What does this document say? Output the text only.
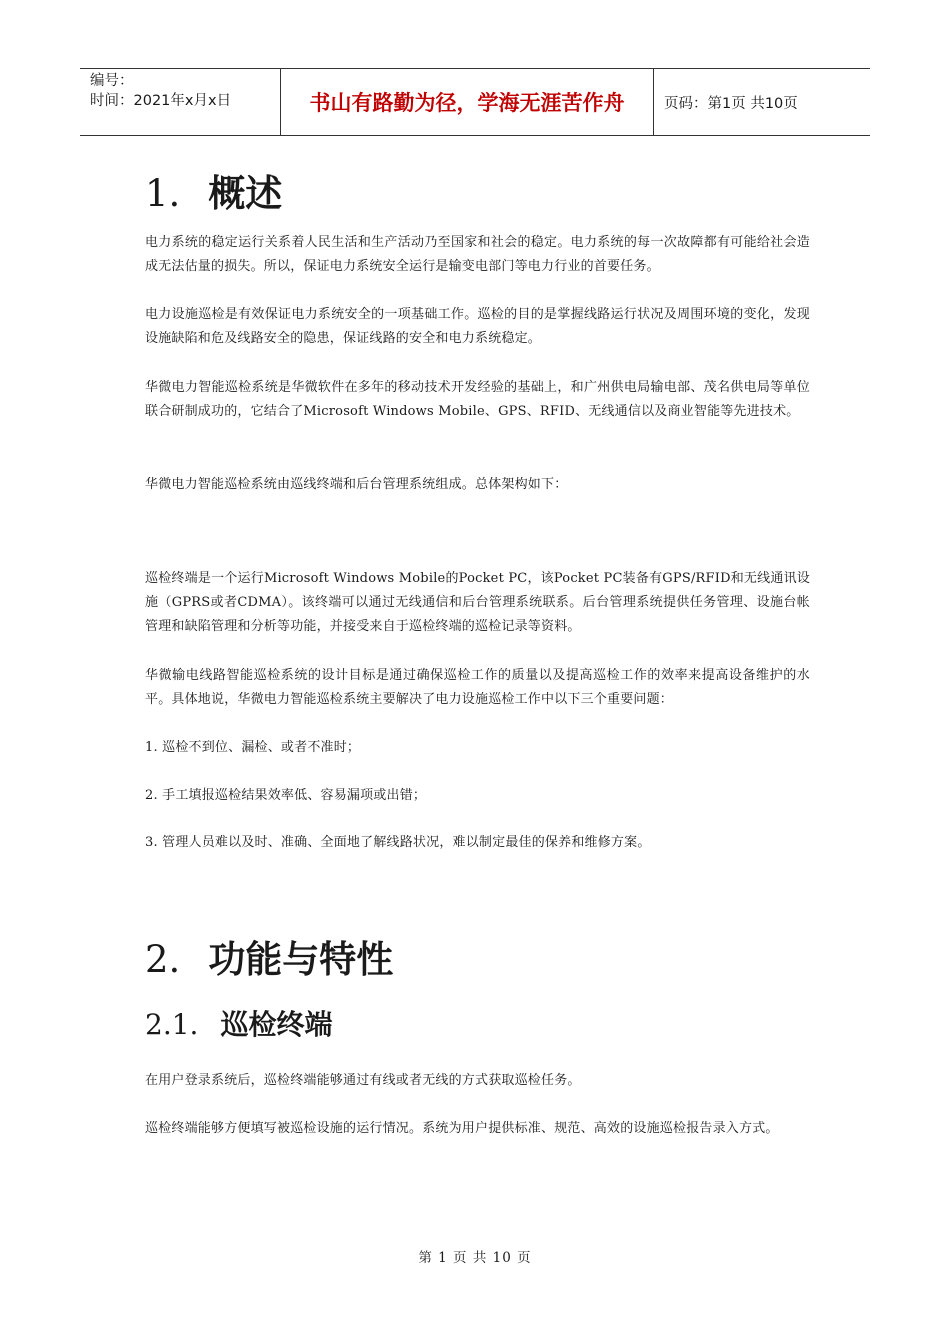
编号：
时间：2021年x月x日	书山有路勤为径，学海无涯苦作舟	页码：第1页 共10页
1. 概述
电力系统的稳定运行关系着人民生活和生产活动乃至国家和社会的稳定。电力系统的每一次故障都有可能给社会造成无法估量的损失。所以，保证电力系统安全运行是输变电部门等电力行业的首要任务。
电力设施巡检是有效保证电力系统安全的一项基础工作。巡检的目的是掌握线路运行状况及周围环境的变化，发现设施缺陷和危及线路安全的隐患，保证线路的安全和电力系统稳定。
华微电力智能巡检系统是华微软件在多年的移动技术开发经验的基础上，和广州供电局输电部、茂名供电局等单位联合研制成功的，它结合了Microsoft Windows Mobile、GPS、RFID、无线通信以及商业智能等先进技术。
华微电力智能巡检系统由巡线终端和后台管理系统组成。总体架构如下：
巡检终端是一个运行Microsoft Windows Mobile的Pocket PC，该Pocket PC装备有GPS/RFID和无线通讯设施（GPRS或者CDMA）。该终端可以通过无线通信和后台管理系统联系。后台管理系统提供任务管理、设施台帐管理和缺陷管理和分析等功能，并接受来自于巡检终端的巡检记录等资料。
华微输电线路智能巡检系统的设计目标是通过确保巡检工作的质量以及提高巡检工作的效率来提高设备维护的水平。具体地说，华微电力智能巡检系统主要解决了电力设施巡检工作中以下三个重要问题：
1. 巡检不到位、漏检、或者不准时；
2. 手工填报巡检结果效率低、容易漏项或出错；
3. 管理人员难以及时、准确、全面地了解线路状况，难以制定最佳的保养和维修方案。
2. 功能与特性
2.1. 巡检终端
在用户登录系统后，巡检终端能够通过有线或者无线的方式获取巡检任务。
巡检终端能够方便填写被巡检设施的运行情况。系统为用户提供标准、规范、高效的设施巡检报告录入方式。
第 1 页 共 10 页
